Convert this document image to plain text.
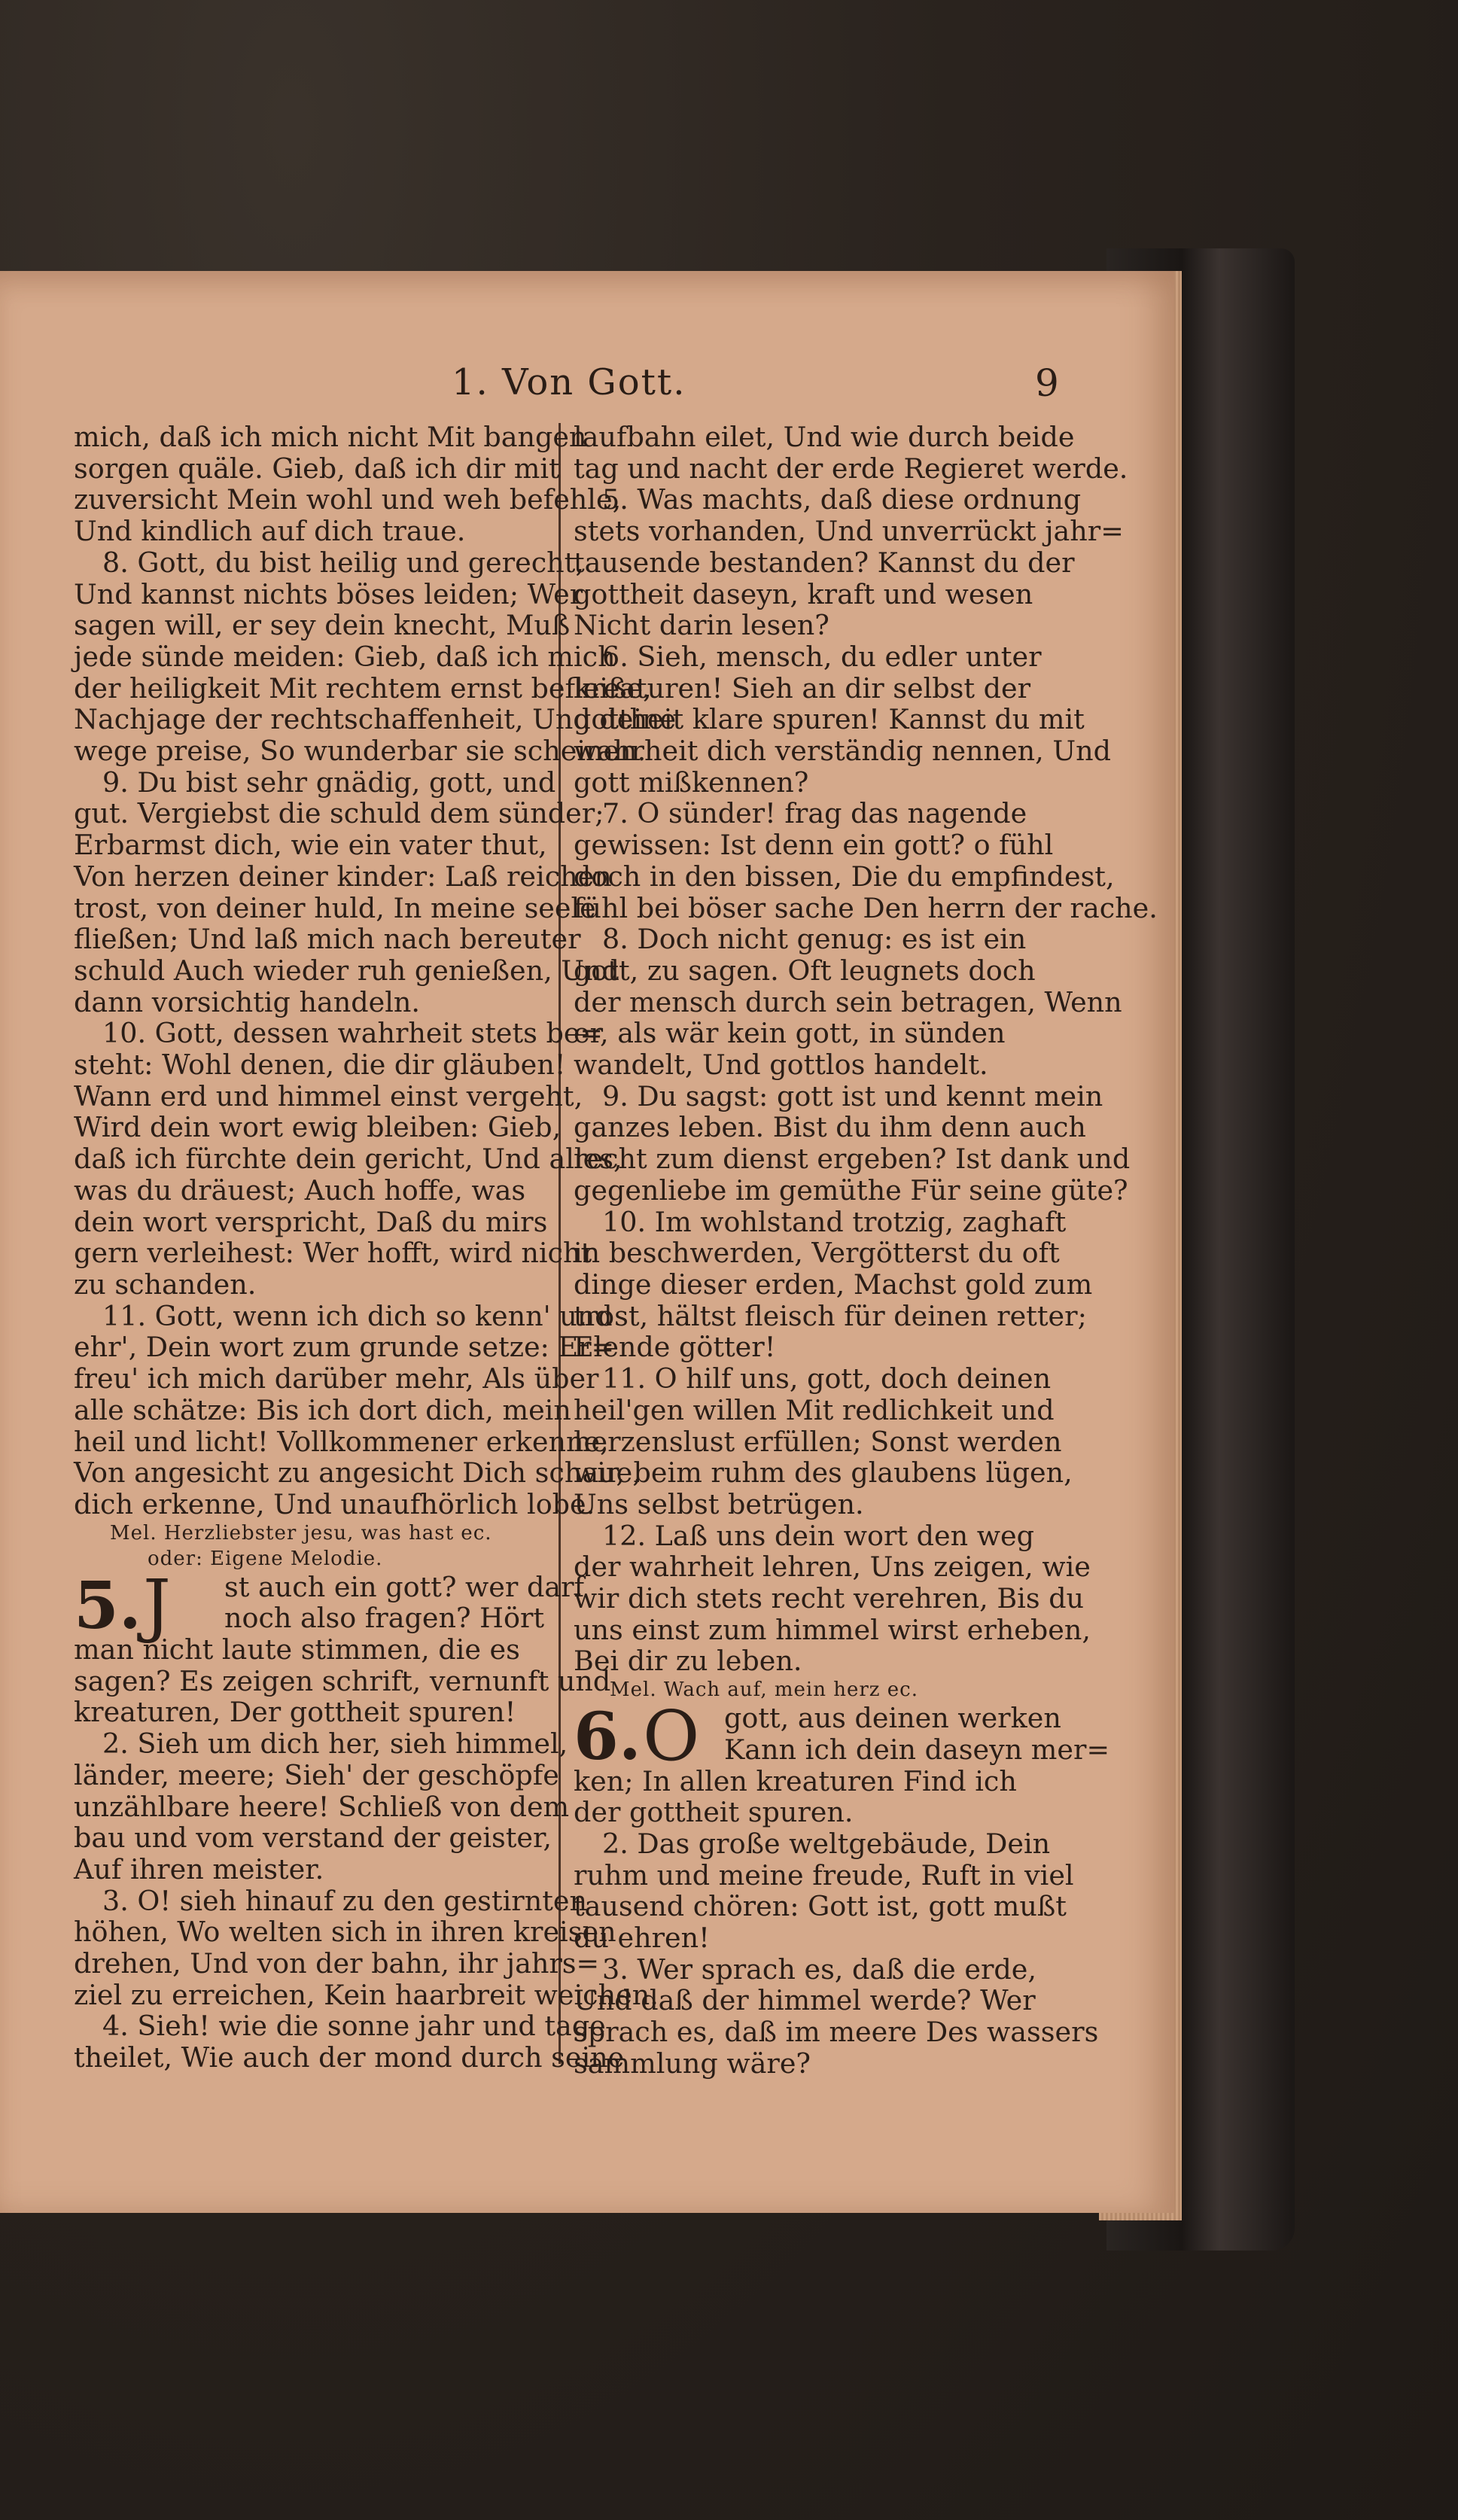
1. Von Gott.	9
mich, daß ich mich nicht Mit bangen
sorgen quäle. Gieb, daß ich dir mit
zuversicht Mein wohl und weh befehle,
Und kindlich auf dich traue.
8. Gott, du bist heilig und gerecht,
Und kannst nichts böses leiden; Wer
sagen will, er sey dein knecht, Muß
jede sünde meiden: Gieb, daß ich mich
der heiligkeit Mit rechtem ernst befleiße,
Nachjage der rechtschaffenheit, Und deine
wege preise, So wunderbar sie scheinen.
9. Du bist sehr gnädig, gott, und
gut. Vergiebst die schuld dem sünder;
Erbarmst dich, wie ein vater thut,
Von herzen deiner kinder: Laß reichen
trost, von deiner huld, In meine seele
fließen; Und laß mich nach bereuter
schuld Auch wieder ruh genießen, Und
dann vorsichtig handeln.
10. Gott, dessen wahrheit stets be=
steht: Wohl denen, die dir gläuben!
Wann erd und himmel einst vergeht,
Wird dein wort ewig bleiben: Gieb,
daß ich fürchte dein gericht, Und alles,
was du dräuest; Auch hoffe, was
dein wort verspricht, Daß du mirs
gern verleihest: Wer hofft, wird nicht
zu schanden.
11. Gott, wenn ich dich so kenn' und
ehr', Dein wort zum grunde setze: Er=
freu' ich mich darüber mehr, Als über
alle schätze: Bis ich dort dich, mein
heil und licht! Vollkommener erkenne,
Von angesicht zu angesicht Dich schaue,
dich erkenne, Und unaufhörlich lobe.
Mel. Herzliebster jesu, was hast ec.
oder: Eigene Melodie.
5. J	st auch ein gott? wer darf
noch also fragen? Hört
man nicht laute stimmen, die es
sagen? Es zeigen schrift, vernunft und
kreaturen, Der gottheit spuren!
2. Sieh um dich her, sieh himmel,
länder, meere; Sieh' der geschöpfe
unzählbare heere! Schließ von dem
bau und vom verstand der geister,
Auf ihren meister.
3. O! sieh hinauf zu den gestirnten
höhen, Wo welten sich in ihren kreisen
drehen, Und von der bahn, ihr jahrs=
ziel zu erreichen, Kein haarbreit weichen.
4. Sieh! wie die sonne jahr und tage
theilet, Wie auch der mond durch seine
laufbahn eilet, Und wie durch beide
tag und nacht der erde Regieret werde.
5. Was machts, daß diese ordnung
stets vorhanden, Und unverrückt jahr=
tausende bestanden? Kannst du der
gottheit daseyn, kraft und wesen
Nicht darin lesen?
6. Sieh, mensch, du edler unter
kreaturen! Sieh an dir selbst der
gottheit klare spuren! Kannst du mit
wahrheit dich verständig nennen, Und
gott mißkennen?
7. O sünder! frag das nagende
gewissen: Ist denn ein gott? o fühl
doch in den bissen, Die du empfindest,
fühl bei böser sache Den herrn der rache.
8. Doch nicht genug: es ist ein
gott, zu sagen. Oft leugnets doch
der mensch durch sein betragen, Wenn
er, als wär kein gott, in sünden
wandelt, Und gottlos handelt.
9. Du sagst: gott ist und kennt mein
ganzes leben. Bist du ihm denn auch
recht zum dienst ergeben? Ist dank und
gegenliebe im gemüthe Für seine güte?
10. Im wohlstand trotzig, zaghaft
in beschwerden, Vergötterst du oft
dinge dieser erden, Machst gold zum
trost, hältst fleisch für deinen retter;
Elende götter!
11. O hilf uns, gott, doch deinen
heil'gen willen Mit redlichkeit und
herzenslust erfüllen; Sonst werden
wir, beim ruhm des glaubens lügen,
Uns selbst betrügen.
12. Laß uns dein wort den weg
der wahrheit lehren, Uns zeigen, wie
wir dich stets recht verehren, Bis du
uns einst zum himmel wirst erheben,
Bei dir zu leben.
Mel. Wach auf, mein herz ec.
6. O gott, aus deinen werken
Kann ich dein daseyn mer=
ken; In allen kreaturen Find ich
der gottheit spuren.
2. Das große weltgebäude, Dein
ruhm und meine freude, Ruft in viel
tausend chören: Gott ist, gott mußt
du ehren!
3. Wer sprach es, daß die erde,
Und daß der himmel werde? Wer
sprach es, daß im meere Des wassers
sammlung wäre?
